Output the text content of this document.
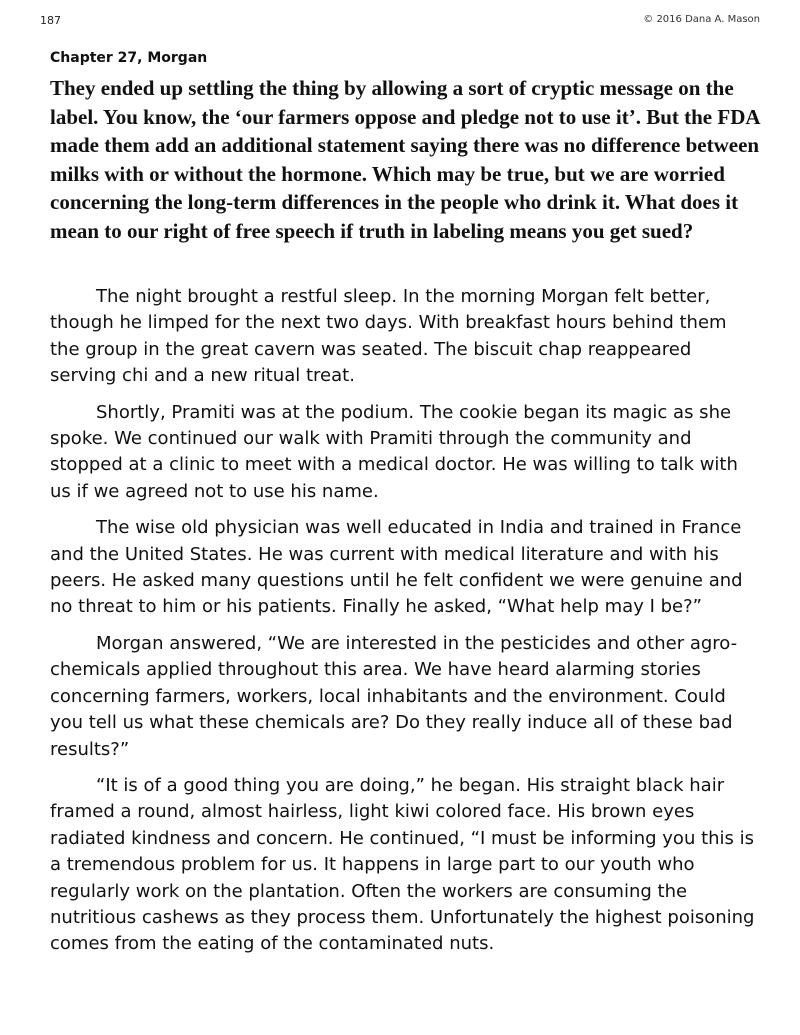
187	© 2016 Dana A. Mason
Chapter 27, Morgan

They ended up settling the thing by allowing a sort of cryptic message on the label. You know, the ‘our farmers oppose and pledge not to use it’. But the FDA made them add an additional statement saying there was no difference between milks with or without the hormone. Which may be true, but we are worried concerning the long-term differences in the people who drink it. What does it mean to our right of free speech if truth in labeling means you get sued?

The night brought a restful sleep. In the morning Morgan felt better, though he limped for the next two days. With breakfast hours behind them the group in the great cavern was seated. The biscuit chap reappeared serving chi and a new ritual treat.

Shortly, Pramiti was at the podium. The cookie began its magic as she spoke. We continued our walk with Pramiti through the community and stopped at a clinic to meet with a medical doctor. He was willing to talk with us if we agreed not to use his name.

The wise old physician was well educated in India and trained in France and the United States. He was current with medical literature and with his peers. He asked many questions until he felt confident we were genuine and no threat to him or his patients. Finally he asked, “What help may I be?”

Morgan answered, “We are interested in the pesticides and other agro-chemicals applied throughout this area. We have heard alarming stories concerning farmers, workers, local inhabitants and the environment. Could you tell us what these chemicals are? Do they really induce all of these bad results?”

“It is of a good thing you are doing,” he began. His straight black hair framed a round, almost hairless, light kiwi colored face. His brown eyes radiated kindness and concern. He continued, “I must be informing you this is a tremendous problem for us. It happens in large part to our youth who regularly work on the plantation. Often the workers are consuming the nutritious cashews as they process them. Unfortunately the highest poisoning comes from the eating of the contaminated nuts.
